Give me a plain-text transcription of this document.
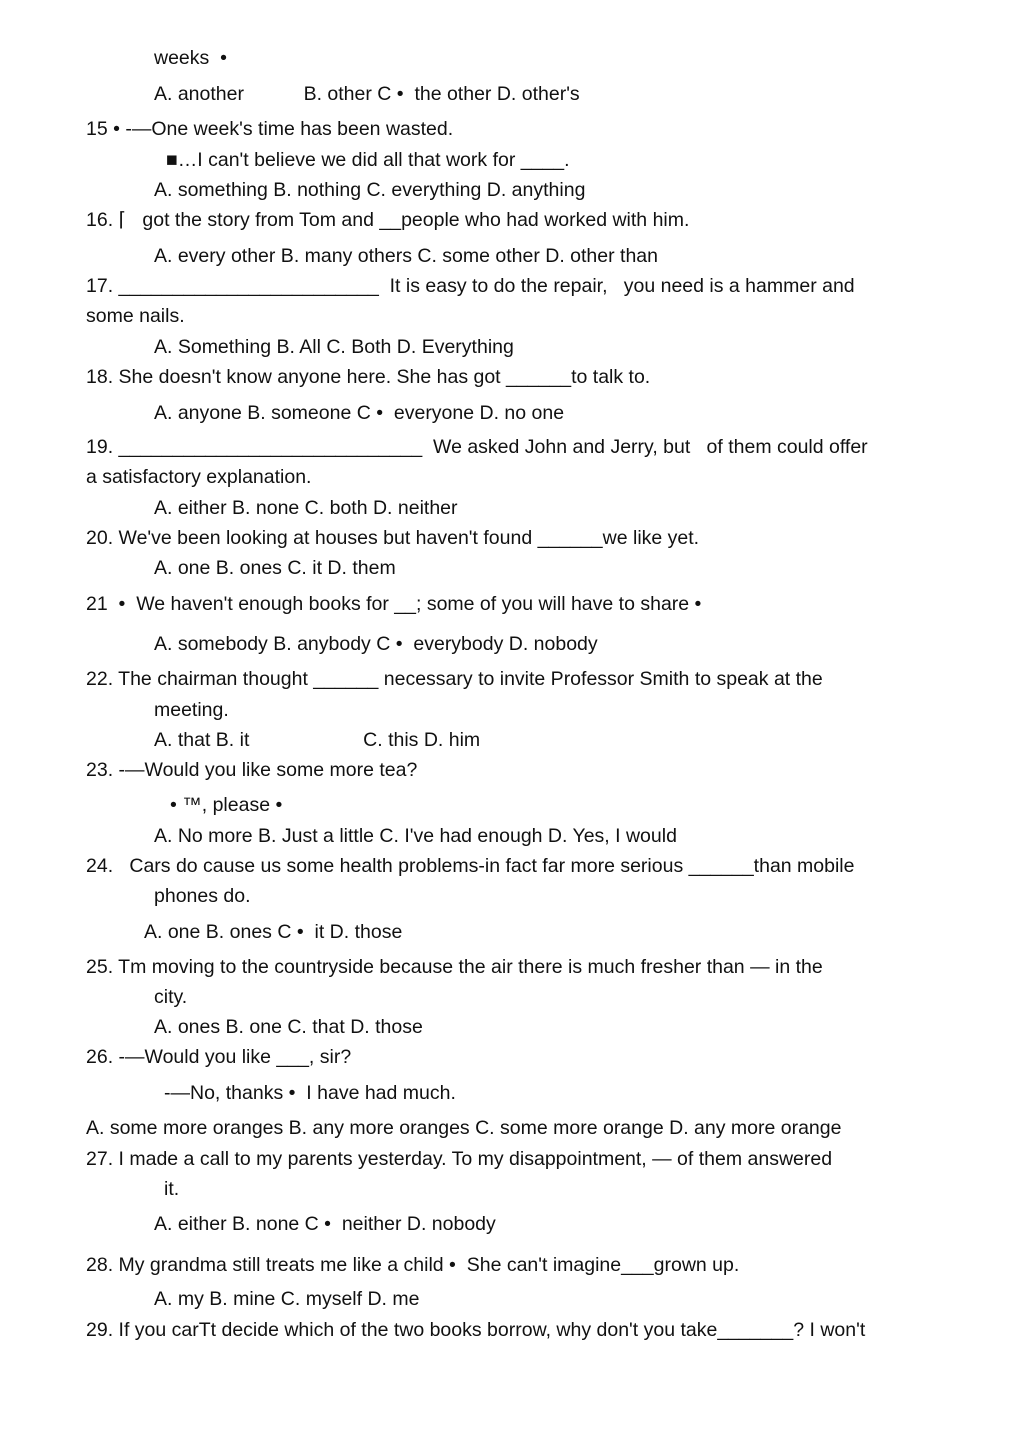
weeks  •
A. another           B. other C •  the other D. other's
15 • -—One week's time has been wasted.
■…I can't believe we did all that work for ____.
A. something B. nothing C. everything D. anything
16. ⌈   got the story from Tom and __people who had worked with him.
A. every other B. many others C. some other D. other than
17. ________________________  It is easy to do the repair,   you need is a hammer and
some nails.
A. Something B. All C. Both D. Everything
18. She doesn't know anyone here. She has got ______to talk to.
A. anyone B. someone C •  everyone D. no one
19. ____________________________  We asked John and Jerry, but   of them could offer
a satisfactory explanation.
A. either B. none C. both D. neither
20. We've been looking at houses but haven't found ______we like yet.
A. one B. ones C. it D. them
21  •  We haven't enough books for __; some of you will have to share •
A. somebody B. anybody C •  everybody D. nobody
22. The chairman thought ______ necessary to invite Professor Smith to speak at the
meeting.
A. that B. it                     C. this D. him
23. -—Would you like some more tea?
• ™, please •
A. No more B. Just a little C. I've had enough D. Yes, I would
24.   Cars do cause us some health problems-in fact far more serious ______than mobile
phones do.
A. one B. ones C •  it D. those
25. Tm moving to the countryside because the air there is much fresher than — in the
city.
A. ones B. one C. that D. those
26. -—Would you like ___, sir?
-—No, thanks •  I have had much.
A. some more oranges B. any more oranges C. some more orange D. any more orange
27. I made a call to my parents yesterday. To my disappointment, — of them answered
it.
A. either B. none C •  neither D. nobody
28. My grandma still treats me like a child •  She can't imagine___grown up.
A. my B. mine C. myself D. me
29. If you carTt decide which of the two books borrow, why don't you take_______? I won't
